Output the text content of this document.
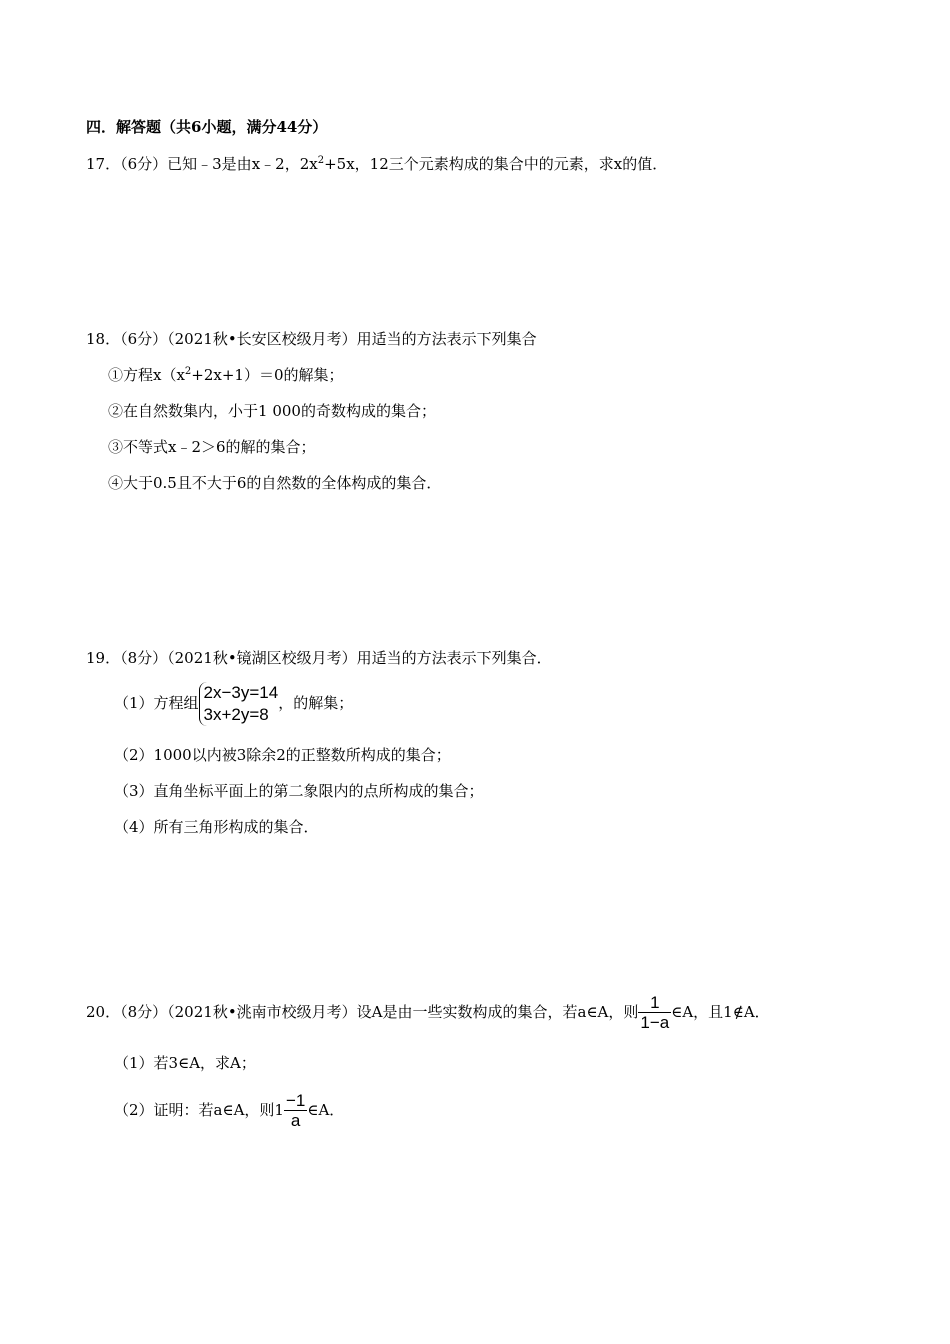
四．解答题（共6小题，满分44分）
17．（6分）已知﹣3是由x﹣2，$2x^2+5x$，12三个元素构成的集合中的元素，求x的值．
18．（6分）（2021秋•长安区校级月考）用适当的方法表示下列集合
①方程$x(x^2+2x+1)=0$的解集；
②在自然数集内，小于1 000的奇数构成的集合；
③不等式x﹣2＞6的解的集合；
④大于0.5且不大于6的自然数的全体构成的集合．
19．（8分）（2021秋•镜湖区校级月考）用适当的方法表示下列集合．
（1）方程组
2x−3y=14
3x+2y=8
，的解集；
（2）1000以内被3除余2的正整数所构成的集合；
（3）直角坐标平面上的第二象限内的点所构成的集合；
（4）所有三角形构成的集合．
20．（8分）（2021秋•洮南市校级月考）设A是由一些实数构成的集合，若a∈A，则 $\frac{1}{1-a}$ ∈A，且1∉A．
（1）若3∈A，求A；
（2）证明：若a∈A，则$1 \frac{-1}{a}$ ∈A．
